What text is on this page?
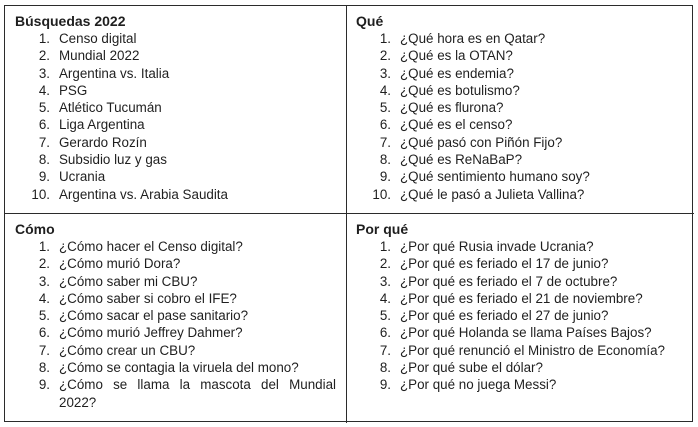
Búsquedas 2022
1. Censo digital
2. Mundial 2022
3. Argentina vs. Italia
4. PSG
5. Atlético Tucumán
6. Liga Argentina
7. Gerardo Rozín
8. Subsidio luz y gas
9. Ucrania
10. Argentina vs. Arabia Saudita
Qué
1. ¿Qué hora es en Qatar?
2. ¿Qué es la OTAN?
3. ¿Qué es endemia?
4. ¿Qué es botulismo?
5. ¿Qué es flurona?
6. ¿Qué es el censo?
7. ¿Qué pasó con Piñón Fijo?
8. ¿Qué es ReNaBaP?
9. ¿Qué sentimiento humano soy?
10. ¿Qué le pasó a Julieta Vallina?
Cómo
1. ¿Cómo hacer el Censo digital?
2. ¿Cómo murió Dora?
3. ¿Cómo saber mi CBU?
4. ¿Cómo saber si cobro el IFE?
5. ¿Cómo sacar el pase sanitario?
6. ¿Cómo murió Jeffrey Dahmer?
7. ¿Cómo crear un CBU?
8. ¿Cómo se contagia la viruela del mono?
9. ¿Cómo se llama la mascota del Mundial 2022?
Por qué
1. ¿Por qué Rusia invade Ucrania?
2. ¿Por qué es feriado el 17 de junio?
3. ¿Por qué es feriado el 7 de octubre?
4. ¿Por qué es feriado el 21 de noviembre?
5. ¿Por qué es feriado el 27 de junio?
6. ¿Por qué Holanda se llama Países Bajos?
7. ¿Por qué renunció el Ministro de Economía?
8. ¿Por qué sube el dólar?
9. ¿Por qué no juega Messi?
